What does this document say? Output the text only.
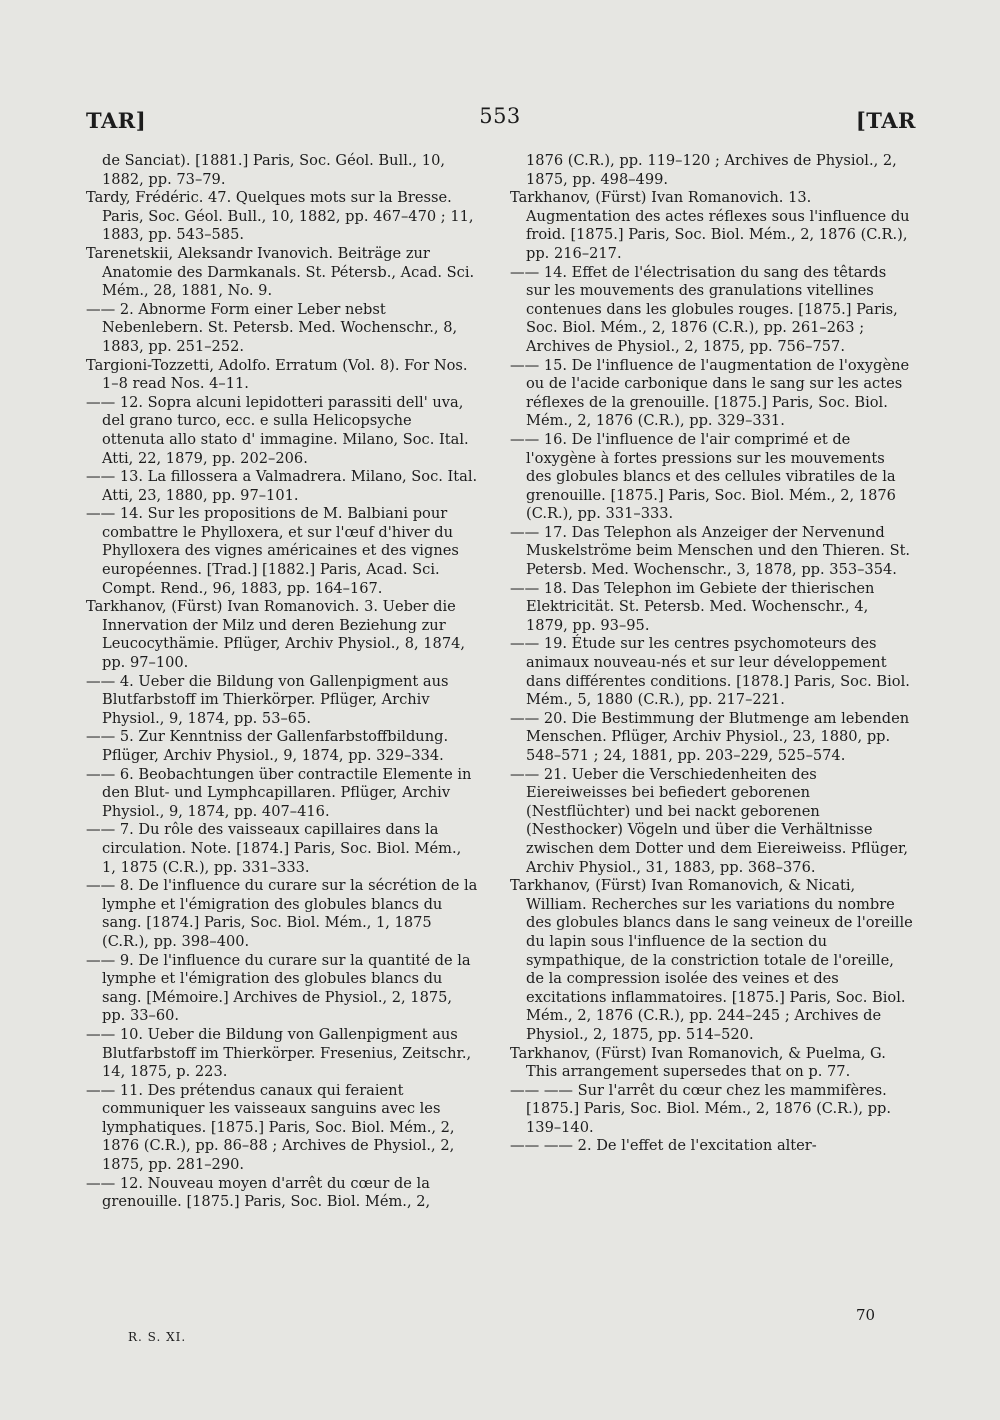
TAR]	553	[TAR

de Sanciat). [1881.] Paris, Soc. Géol. Bull., 10, 1882, pp. 73–79.

Tardy, Frédéric. 47. Quelques mots sur la Bresse. Paris, Soc. Géol. Bull., 10, 1882, pp. 467–470 ; 11, 1883, pp. 543–585.

Tarenetskii, Aleksandr Ivanovich. Beiträge zur Anatomie des Darmkanals. St. Pétersb., Acad. Sci. Mém., 28, 1881, No. 9.

—— 2. Abnorme Form einer Leber nebst Nebenlebern. St. Petersb. Med. Wochenschr., 8, 1883, pp. 251–252.

Targioni-Tozzetti, Adolfo. Erratum (Vol. 8). For Nos. 1–8 read Nos. 4–11.

—— 12. Sopra alcuni lepidotteri parassiti dell' uva, del grano turco, ecc. e sulla Helicopsyche ottenuta allo stato d' immagine. Milano, Soc. Ital. Atti, 22, 1879, pp. 202–206.

—— 13. La fillossera a Valmadrera. Milano, Soc. Ital. Atti, 23, 1880, pp. 97–101.

—— 14. Sur les propositions de M. Balbiani pour combattre le Phylloxera, et sur l'œuf d'hiver du Phylloxera des vignes américaines et des vignes européennes. [Trad.] [1882.] Paris, Acad. Sci. Compt. Rend., 96, 1883, pp. 164–167.

Tarkhanov, (Fürst) Ivan Romanovich. 3. Ueber die Innervation der Milz und deren Beziehung zur Leucocythämie. Pflüger, Archiv Physiol., 8, 1874, pp. 97–100.

—— 4. Ueber die Bildung von Gallenpigment aus Blutfarbstoff im Thierkörper. Pflüger, Archiv Physiol., 9, 1874, pp. 53–65.

—— 5. Zur Kenntniss der Gallenfarbstoffbildung. Pflüger, Archiv Physiol., 9, 1874, pp. 329–334.

—— 6. Beobachtungen über contractile Elemente in den Blut- und Lymphcapillaren. Pflüger, Archiv Physiol., 9, 1874, pp. 407–416.

—— 7. Du rôle des vaisseaux capillaires dans la circulation. Note. [1874.] Paris, Soc. Biol. Mém., 1, 1875 (C.R.), pp. 331–333.

—— 8. De l'influence du curare sur la sécrétion de la lymphe et l'émigration des globules blancs du sang. [1874.] Paris, Soc. Biol. Mém., 1, 1875 (C.R.), pp. 398–400.

—— 9. De l'influence du curare sur la quantité de la lymphe et l'émigration des globules blancs du sang. [Mémoire.] Archives de Physiol., 2, 1875, pp. 33–60.

—— 10. Ueber die Bildung von Gallenpigment aus Blutfarbstoff im Thierkörper. Fresenius, Zeitschr., 14, 1875, p. 223.

—— 11. Des prétendus canaux qui feraient communiquer les vaisseaux sanguins avec les lymphatiques. [1875.] Paris, Soc. Biol. Mém., 2, 1876 (C.R.), pp. 86–88 ; Archives de Physiol., 2, 1875, pp. 281–290.

—— 12. Nouveau moyen d'arrêt du cœur de la grenouille. [1875.] Paris, Soc. Biol. Mém., 2,

1876 (C.R.), pp. 119–120 ; Archives de Physiol., 2, 1875, pp. 498–499.

Tarkhanov, (Fürst) Ivan Romanovich. 13. Augmentation des actes réflexes sous l'influence du froid. [1875.] Paris, Soc. Biol. Mém., 2, 1876 (C.R.), pp. 216–217.

—— 14. Effet de l'électrisation du sang des têtards sur les mouvements des granulations vitellines contenues dans les globules rouges. [1875.] Paris, Soc. Biol. Mém., 2, 1876 (C.R.), pp. 261–263 ; Archives de Physiol., 2, 1875, pp. 756–757.

—— 15. De l'influence de l'augmentation de l'oxygène ou de l'acide carbonique dans le sang sur les actes réflexes de la grenouille. [1875.] Paris, Soc. Biol. Mém., 2, 1876 (C.R.), pp. 329–331.

—— 16. De l'influence de l'air comprimé et de l'oxygène à fortes pressions sur les mouvements des globules blancs et des cellules vibratiles de la grenouille. [1875.] Paris, Soc. Biol. Mém., 2, 1876 (C.R.), pp. 331–333.

—— 17. Das Telephon als Anzeiger der Nervenund Muskelströme beim Menschen und den Thieren. St. Petersb. Med. Wochenschr., 3, 1878, pp. 353–354.

—— 18. Das Telephon im Gebiete der thierischen Elektricität. St. Petersb. Med. Wochenschr., 4, 1879, pp. 93–95.

—— 19. Étude sur les centres psychomoteurs des animaux nouveau-nés et sur leur développement dans différentes conditions. [1878.] Paris, Soc. Biol. Mém., 5, 1880 (C.R.), pp. 217–221.

—— 20. Die Bestimmung der Blutmenge am lebenden Menschen. Pflüger, Archiv Physiol., 23, 1880, pp. 548–571 ; 24, 1881, pp. 203–229, 525–574.

—— 21. Ueber die Verschiedenheiten des Eiereiweisses bei befiedert geborenen (Nestflüchter) und bei nackt geborenen (Nesthocker) Vögeln und über die Verhältnisse zwischen dem Dotter und dem Eiereiweiss. Pflüger, Archiv Physiol., 31, 1883, pp. 368–376.

Tarkhanov, (Fürst) Ivan Romanovich, & Nicati, William. Recherches sur les variations du nombre des globules blancs dans le sang veineux de l'oreille du lapin sous l'influence de la section du sympathique, de la constriction totale de l'oreille, de la compression isolée des veines et des excitations inflammatoires. [1875.] Paris, Soc. Biol. Mém., 2, 1876 (C.R.), pp. 244–245 ; Archives de Physiol., 2, 1875, pp. 514–520.

Tarkhanov, (Fürst) Ivan Romanovich, & Puelma, G. This arrangement supersedes that on p. 77.

—— —— Sur l'arrêt du cœur chez les mammifères. [1875.] Paris, Soc. Biol. Mém., 2, 1876 (C.R.), pp. 139–140.

—— —— 2. De l'effet de l'excitation alter-

R. S. XI.
70
